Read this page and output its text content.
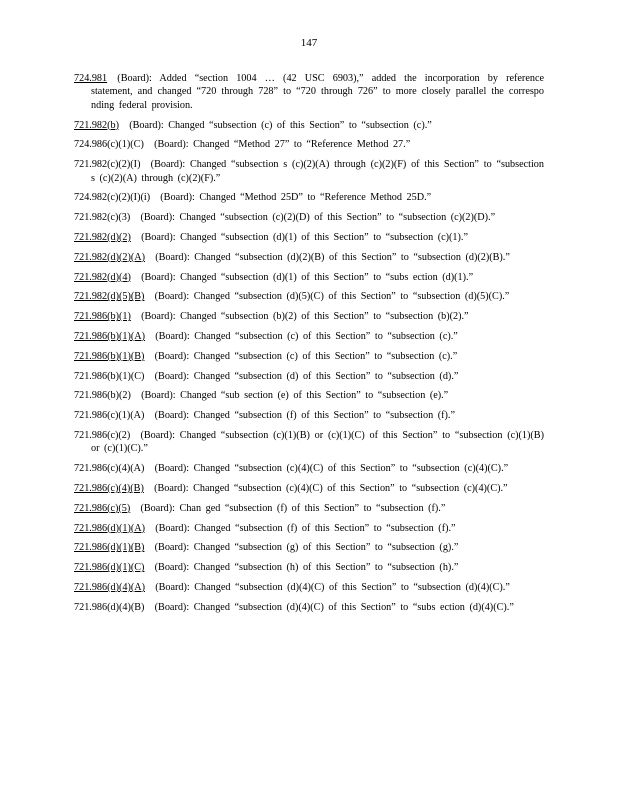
147
724.981  (Board): Added “section 1004 … (42 USC 6903),” added the incorporation by reference statement, and changed “720 through 728” to “720 through 726” to more closely parallel the correspo nding federal provision.
721.982(b)  (Board): Changed “subsection (c) of this Section” to “subsection (c).”
724.986(c)(1)(C)  (Board): Changed “Method 27” to “Reference Method 27.”
721.982(c)(2)(I)  (Board): Changed “subsection s (c)(2)(A) through (c)(2)(F) of this Section” to “subsection s (c)(2)(A) through (c)(2)(F).”
724.982(c)(2)(I)(i)  (Board): Changed “Method 25D” to “Reference Method 25D.”
721.982(c)(3)  (Board): Changed “subsection (c)(2)(D) of this Section” to “subsection (c)(2)(D).”
721.982(d)(2)  (Board): Changed “subsection (d)(1) of this Section” to “subsection (c)(1).”
721.982(d)(2)(A)  (Board): Changed “subsection (d)(2)(B) of this Section” to “subsection (d)(2)(B).”
721.982(d)(4)  (Board): Changed “subsection (d)(1) of this Section” to “subs ection (d)(1).”
721.982(d)(5)(B)  (Board): Changed “subsection (d)(5)(C) of this Section” to “subsection (d)(5)(C).”
721.986(b)(1)  (Board): Changed “subsection (b)(2) of this Section” to “subsection (b)(2).”
721.986(b)(1)(A)  (Board): Changed “subsection (c) of this Section” to “subsection (c).”
721.986(b)(1)(B)  (Board): Changed “subsection (c) of this Section” to “subsection (c).”
721.986(b)(1)(C)  (Board): Changed “subsection (d) of this Section” to “subsection (d).”
721.986(b)(2)  (Board): Changed “sub section (e) of this Section” to “subsection (e).”
721.986(c)(1)(A)  (Board): Changed “subsection (f) of this Section” to “subsection (f).”
721.986(c)(2)  (Board): Changed “subsection (c)(1)(B) or (c)(1)(C) of this Section” to “subsection (c)(1)(B) or (c)(1)(C).”
721.986(c)(4)(A)  (Board): Changed “subsection (c)(4)(C) of this Section” to “subsection (c)(4)(C).”
721.986(c)(4)(B)  (Board): Changed “subsection (c)(4)(C) of this Section” to “subsection (c)(4)(C).”
721.986(c)(5)  (Board): Chan ged “subsection (f) of this Section” to “subsection (f).”
721.986(d)(1)(A)  (Board): Changed “subsection (f) of this Section” to “subsection (f).”
721.986(d)(1)(B)  (Board): Changed “subsection (g) of this Section” to “subsection (g).”
721.986(d)(1)(C)  (Board): Changed “subsection (h) of this Section” to “subsection (h).”
721.986(d)(4)(A)  (Board): Changed “subsection (d)(4)(C) of this Section” to “subsection (d)(4)(C).”
721.986(d)(4)(B)  (Board): Changed “subsection (d)(4)(C) of this Section” to “subs ection (d)(4)(C).”
